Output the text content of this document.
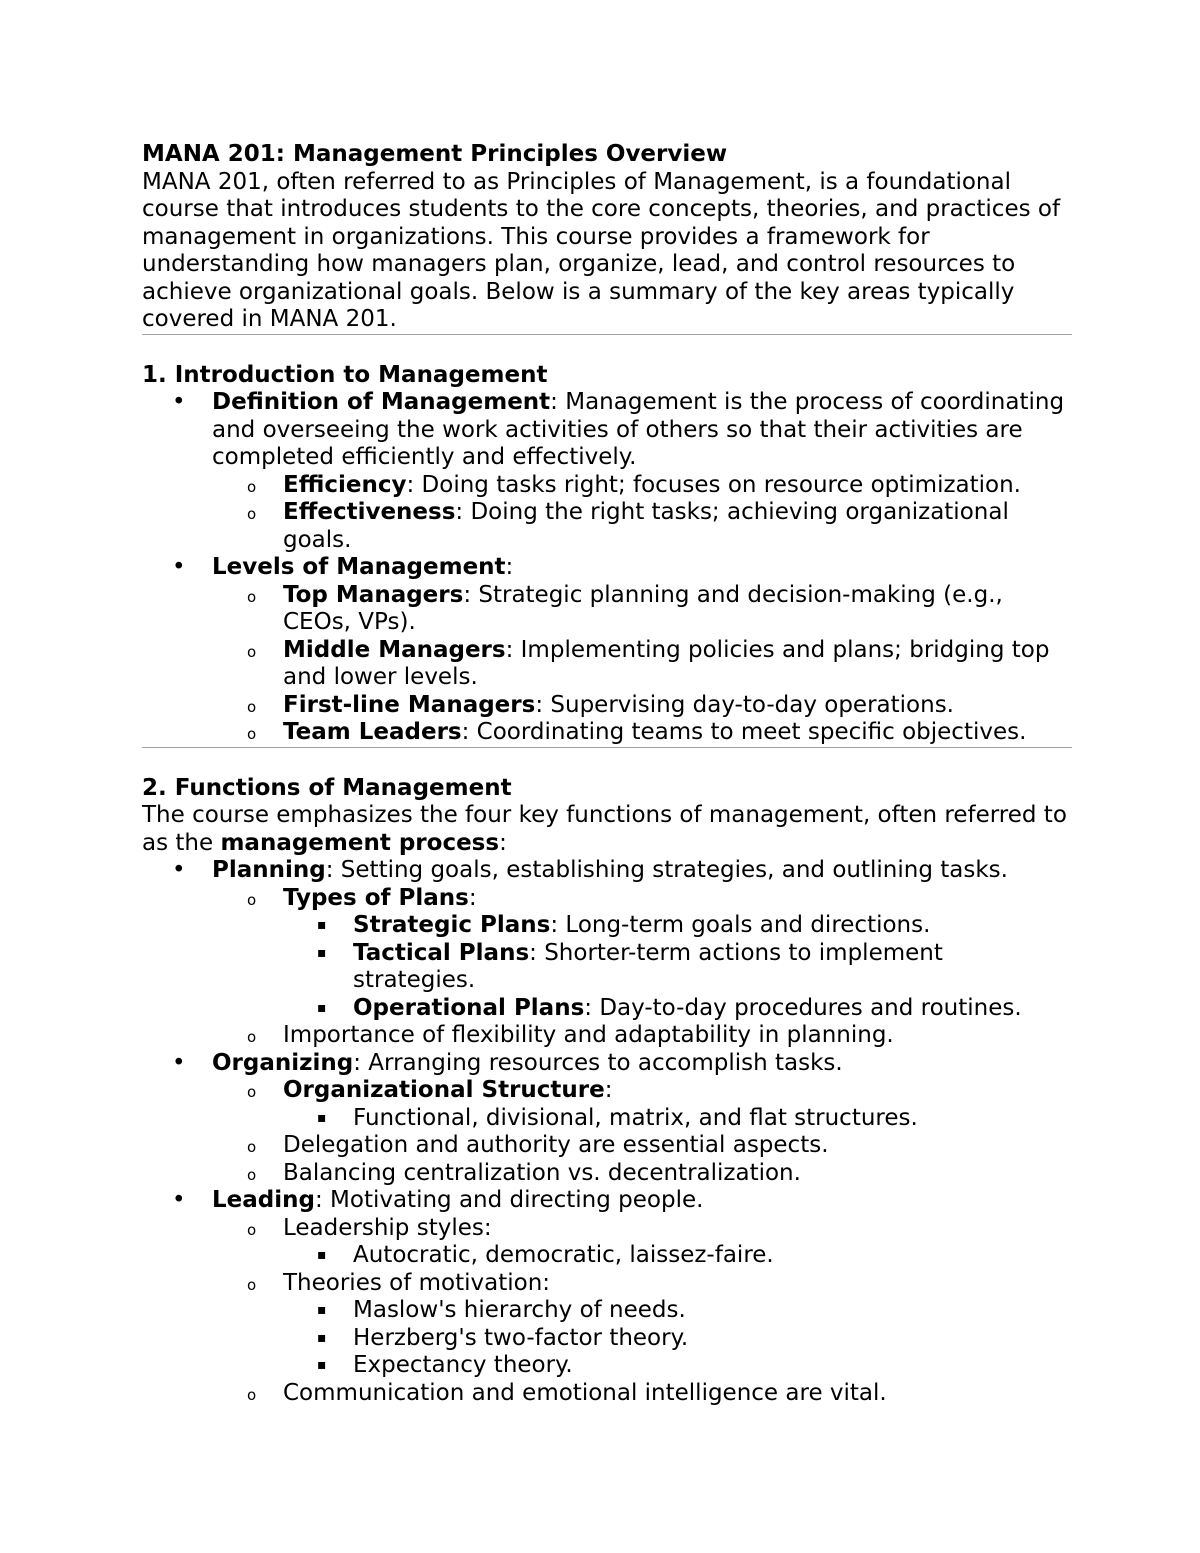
MANA 201: Management Principles Overview

MANA 201, often referred to as Principles of Management, is a foundational course that introduces students to the core concepts, theories, and practices of management in organizations. This course provides a framework for understanding how managers plan, organize, lead, and control resources to achieve organizational goals. Below is a summary of the key areas typically covered in MANA 201.

1. Introduction to Management

• Definition of Management: Management is the process of coordinating and overseeing the work activities of others so that their activities are completed efficiently and effectively.
o Efficiency: Doing tasks right; focuses on resource optimization.
o Effectiveness: Doing the right tasks; achieving organizational goals.
• Levels of Management:
o Top Managers: Strategic planning and decision-making (e.g., CEOs, VPs).
o Middle Managers: Implementing policies and plans; bridging top and lower levels.
o First-line Managers: Supervising day-to-day operations.
o Team Leaders: Coordinating teams to meet specific objectives.

2. Functions of Management

The course emphasizes the four key functions of management, often referred to as the management process:

• Planning: Setting goals, establishing strategies, and outlining tasks.
o Types of Plans:
▪ Strategic Plans: Long-term goals and directions.
▪ Tactical Plans: Shorter-term actions to implement strategies.
▪ Operational Plans: Day-to-day procedures and routines.
o Importance of flexibility and adaptability in planning.
• Organizing: Arranging resources to accomplish tasks.
o Organizational Structure:
▪ Functional, divisional, matrix, and flat structures.
o Delegation and authority are essential aspects.
o Balancing centralization vs. decentralization.
• Leading: Motivating and directing people.
o Leadership styles:
▪ Autocratic, democratic, laissez-faire.
o Theories of motivation:
▪ Maslow's hierarchy of needs.
▪ Herzberg's two-factor theory.
▪ Expectancy theory.
o Communication and emotional intelligence are vital.
